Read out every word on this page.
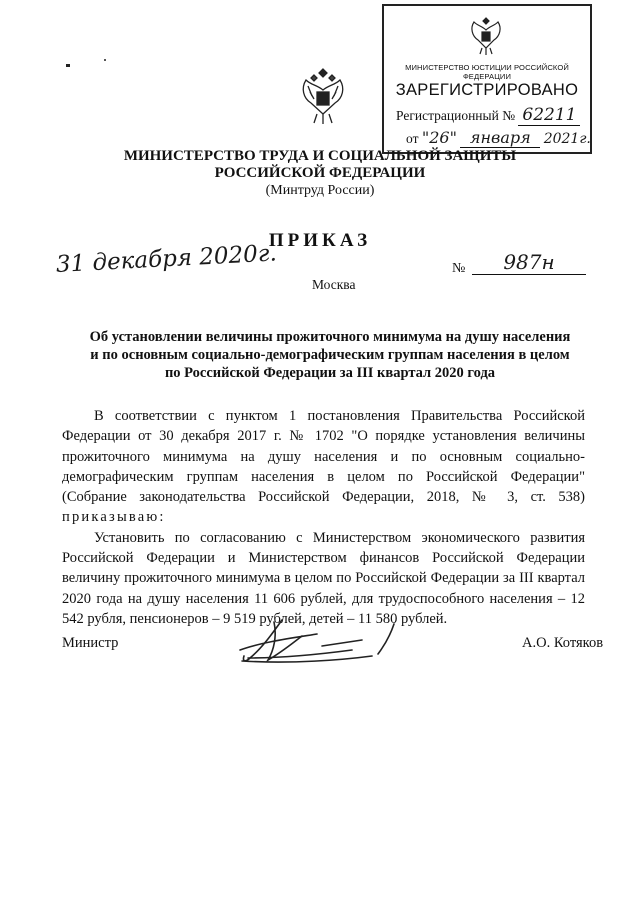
МИНИСТЕРСТВО ЮСТИЦИИ РОССИЙСКОЙ ФЕДЕРАЦИИ
ЗАРЕГИСТРИРОВАНО
Регистрационный № 62211
от "26" января 2021г.
МИНИСТЕРСТВО ТРУДА И СОЦИАЛЬНОЙ ЗАЩИТЫ
РОССИЙСКОЙ ФЕДЕРАЦИИ
(Минтруд России)
ПРИКАЗ
31 декабря 2020г.	№	987н
Москва
Об установлении величины прожиточного минимума на душу населения
и по основным социально-демографическим группам населения в целом
по Российской Федерации за III квартал 2020 года

В соответствии с пунктом 1 постановления Правительства Российской Федерации от 30 декабря 2017 г. № 1702 "О порядке установления величины прожиточного минимума на душу населения и по основным социально-демографическим группам населения в целом по Российской Федерации" (Собрание законодательства Российской Федерации, 2018, № 3, ст. 538) приказываю:

Установить по согласованию с Министерством экономического развития Российской Федерации и Министерством финансов Российской Федерации величину прожиточного минимума в целом по Российской Федерации за III квартал 2020 года на душу населения 11 606 рублей, для трудоспособного населения – 12 542 рубля, пенсионеров – 9 519 рублей, детей – 11 580 рублей.

Министр	А.О. Котяков
